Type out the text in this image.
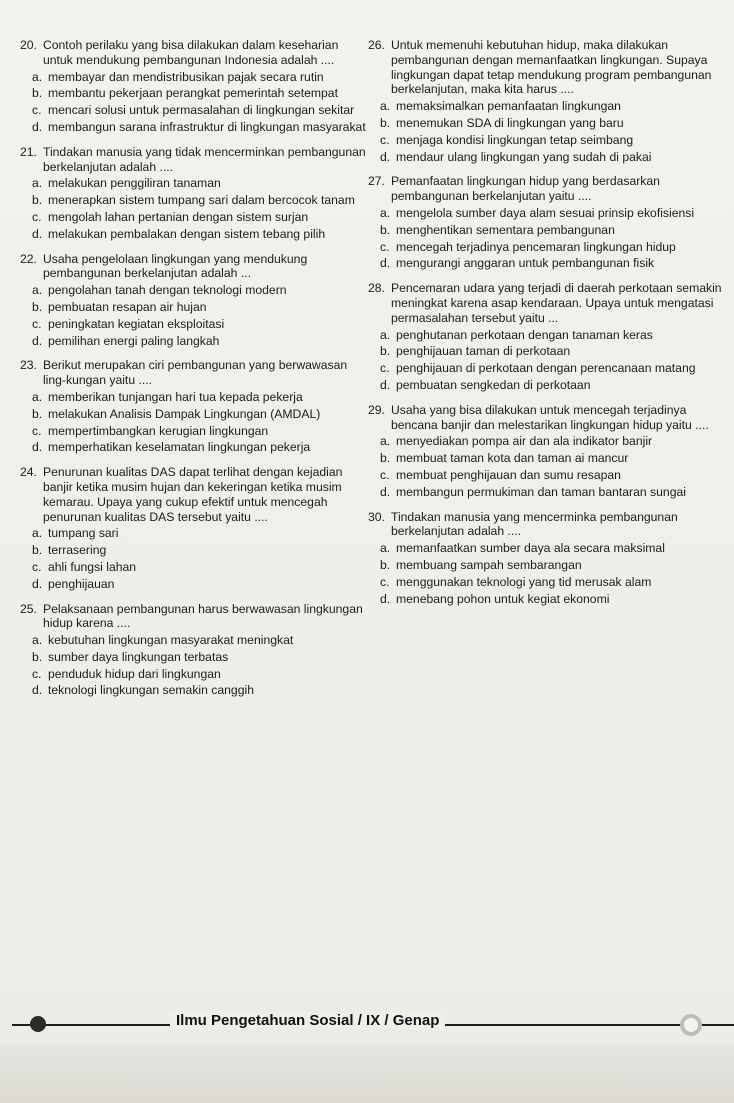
20. Contoh perilaku yang bisa dilakukan dalam keseharian untuk mendukung pembangunan Indonesia adalah ....
a. membayar dan mendistribusikan pajak secara rutin
b. membantu pekerjaan perangkat pemerintah setempat
c. mencari solusi untuk permasalahan di lingkungan sekitar
d. membangun sarana infrastruktur di lingkungan masyarakat
21. Tindakan manusia yang tidak mencerminkan pembangunan berkelanjutan adalah ....
a. melakukan penggiliran tanaman
b. menerapkan sistem tumpang sari dalam bercocok tanam
c. mengolah lahan pertanian dengan sistem surjan
d. melakukan pembalakan dengan sistem tebang pilih
22. Usaha pengelolaan lingkungan yang mendukung pembangunan berkelanjutan adalah ...
a. pengolahan tanah dengan teknologi modern
b. pembuatan resapan air hujan
c. peningkatan kegiatan eksploitasi
d. pemilihan energi paling langkah
23. Berikut merupakan ciri pembangunan yang berwawasan ling-kungan yaitu ....
a. memberikan tunjangan hari tua kepada pekerja
b. melakukan Analisis Dampak Lingkungan (AMDAL)
c. mempertimbangkan kerugian lingkungan
d. memperhatikan keselamatan lingkungan pekerja
24. Penurunan kualitas DAS dapat terlihat dengan kejadian banjir ketika musim hujan dan kekeringan ketika musim kemarau. Upaya yang cukup efektif untuk mencegah penurunan kualitas DAS tersebut yaitu ....
a. tumpang sari
b. terrasering
c. ahli fungsi lahan
d. penghijauan
25. Pelaksanaan pembangunan harus berwawasan lingkungan hidup karena ....
a. kebutuhan lingkungan masyarakat meningkat
b. sumber daya lingkungan terbatas
c. penduduk hidup dari lingkungan
d. teknologi lingkungan semakin canggih
26. Untuk memenuhi kebutuhan hidup, maka dilakukan pembangunan dengan memanfaatkan lingkungan. Supaya lingkungan dapat tetap mendukung program pembangunan berkelanjutan, maka kita harus ....
a. memaksimalkan pemanfaatan lingkungan
b. menemukan SDA di lingkungan yang baru
c. menjaga kondisi lingkungan tetap seimbang
d. mendaur ulang lingkungan yang sudah di pakai
27. Pemanfaatan lingkungan hidup yang berdasarkan pembangunan berkelanjutan yaitu ....
a. mengelola sumber daya alam sesuai prinsip ekofisiensi
b. menghentikan sementara pembangunan
c. mencegah terjadinya pencemaran lingkungan hidup
d. mengurangi anggaran untuk pembangunan fisik
28. Pencemaran udara yang terjadi di daerah perkotaan semakin meningkat karena asap kendaraan. Upaya untuk mengatasi permasalahan tersebut yaitu ...
a. penghutanan perkotaan dengan tanaman keras
b. penghijauan taman di perkotaan
c. penghijauan di perkotaan dengan perencanaan matang
d. pembuatan sengkedan di perkotaan
29. Usaha yang bisa dilakukan untuk mencegah terjadinya bencana banjir dan melestarikan lingkungan hidup yaitu ....
a. menyediakan pompa air dan ala indikator banjir
b. membuat taman kota dan taman ai mancur
c. membuat penghijauan dan sumu resapan
d. membangun permukiman dan taman bantaran sungai
30. Tindakan manusia yang mencerminka pembangunan berkelanjutan adalah ....
a. memanfaatkan sumber daya ala secara maksimal
b. membuang sampah sembarangan
c. menggunakan teknologi yang tid merusak alam
d. menebang pohon untuk kegiat ekonomi
Ilmu Pengetahuan Sosial / IX / Genap
